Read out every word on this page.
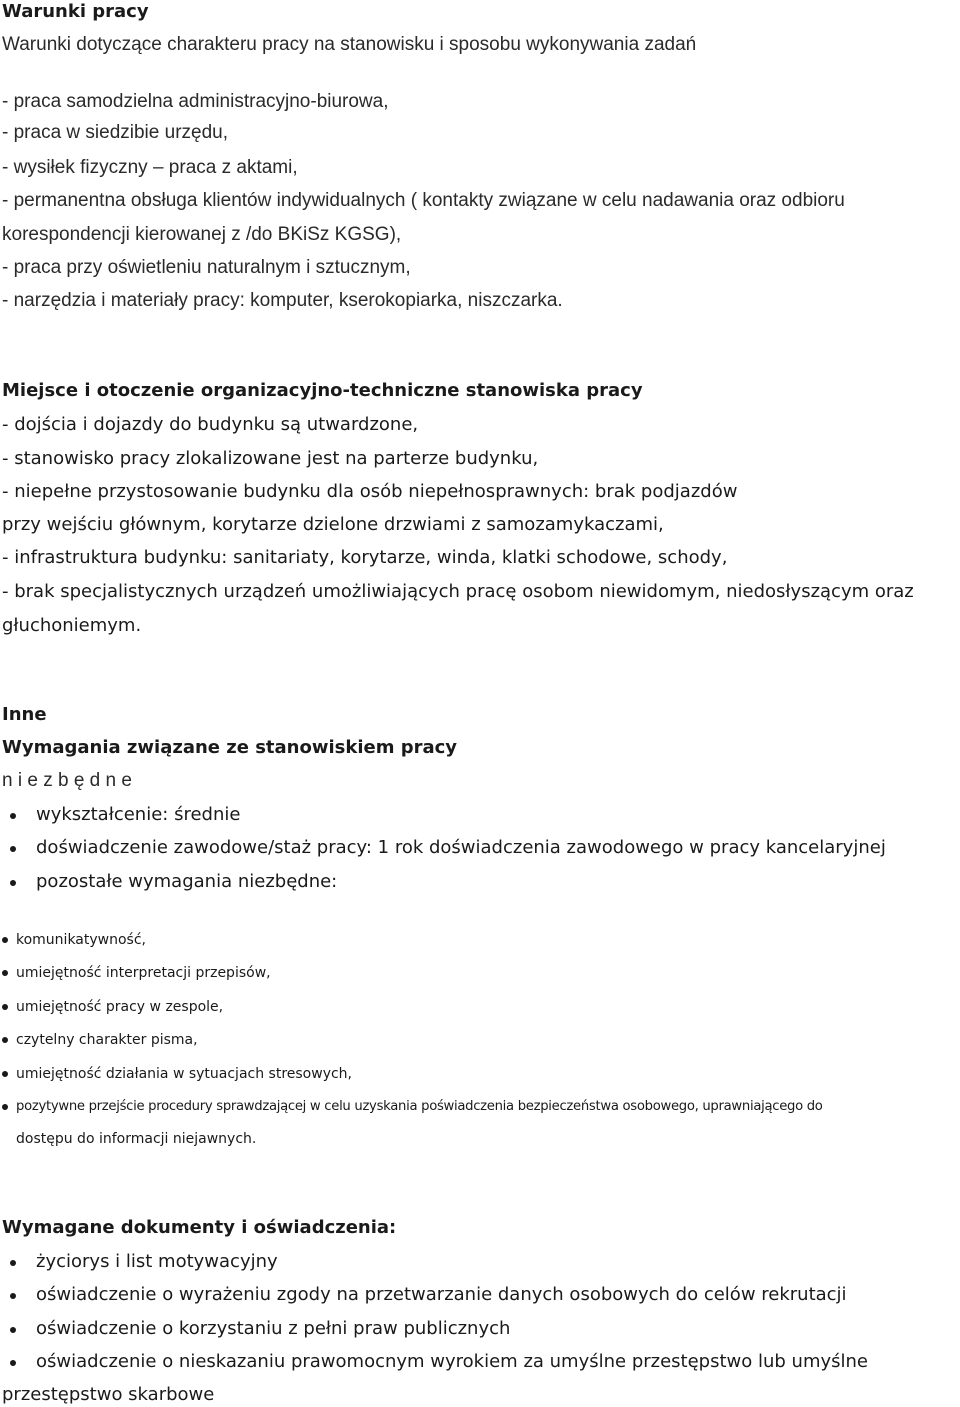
Warunki pracy
Warunki dotyczące charakteru pracy na stanowisku i sposobu wykonywania zadań
- praca samodzielna administracyjno-biurowa,
- praca w siedzibie urzędu,
- wysiłek fizyczny – praca z aktami,
- permanentna obsługa klientów indywidualnych ( kontakty związane w celu nadawania oraz odbioru
korespondencji kierowanej z /do BKiSz KGSG),
- praca przy oświetleniu naturalnym i sztucznym,
- narzędzia i materiały pracy: komputer, kserokopiarka, niszczarka.
Miejsce i otoczenie organizacyjno-techniczne stanowiska pracy
- dojścia i dojazdy do budynku są utwardzone,
- stanowisko pracy zlokalizowane jest na parterze budynku,
- niepełne przystosowanie budynku dla osób niepełnosprawnych: brak podjazdów
przy wejściu głównym, korytarze dzielone drzwiami z samozamykaczami,
- infrastruktura budynku: sanitariaty, korytarze, winda, klatki schodowe, schody,
- brak specjalistycznych urządzeń umożliwiających pracę osobom niewidomym, niedosłyszącym oraz
głuchoniemym.
Inne
Wymagania związane ze stanowiskiem pracy
n i e z b ę d n e
wykształcenie: średnie
doświadczenie zawodowe/staż pracy: 1 rok doświadczenia zawodowego w pracy kancelaryjnej
pozostałe wymagania niezbędne:
komunikatywność,
umiejętność interpretacji przepisów,
umiejętność pracy w zespole,
czytelny charakter pisma,
umiejętność działania w sytuacjach stresowych,
pozytywne przejście procedury sprawdzającej w celu uzyskania poświadczenia bezpieczeństwa osobowego, uprawniającego do
dostępu do informacji niejawnych.
Wymagane dokumenty i oświadczenia:
życiorys i list motywacyjny
oświadczenie o wyrażeniu zgody na przetwarzanie danych osobowych do celów rekrutacji
oświadczenie o korzystaniu z pełni praw publicznych
oświadczenie o nieskazaniu prawomocnym wyrokiem za umyślne przestępstwo lub umyślne
przestępstwo skarbowe
